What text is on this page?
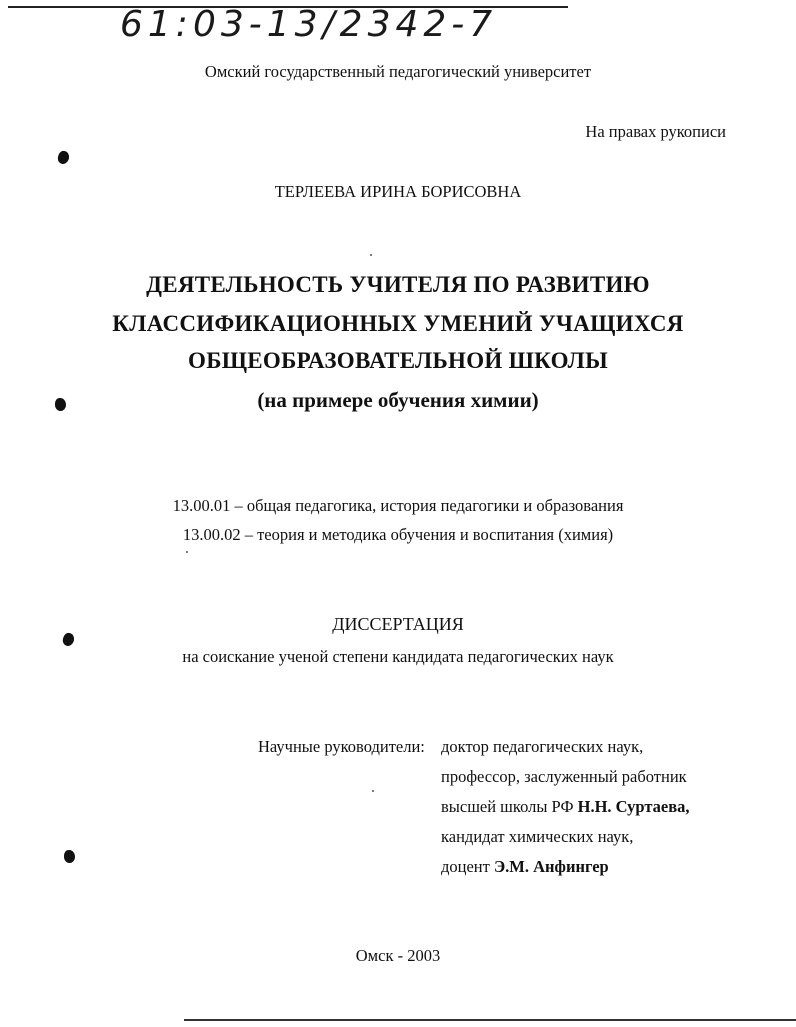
61:03-13/2342-7
Омский государственный педагогический университет
На правах рукописи
ТЕРЛЕЕВА ИРИНА БОРИСОВНА
ДЕЯТЕЛЬНОСТЬ УЧИТЕЛЯ ПО РАЗВИТИЮ
КЛАССИФИКАЦИОННЫХ УМЕНИЙ УЧАЩИХСЯ
ОБЩЕОБРАЗОВАТЕЛЬНОЙ ШКОЛЫ
(на примере обучения химии)
13.00.01 – общая педагогика, история педагогики и образования
13.00.02 – теория и методика обучения и воспитания (химия)
ДИССЕРТАЦИЯ
на соискание ученой степени кандидата педагогических наук
Научные руководители: доктор педагогических наук,
профессор, заслуженный работник
высшей школы РФ Н.Н. Суртаева,
кандидат химических наук,
доцент Э.М. Анфингер
Омск - 2003
